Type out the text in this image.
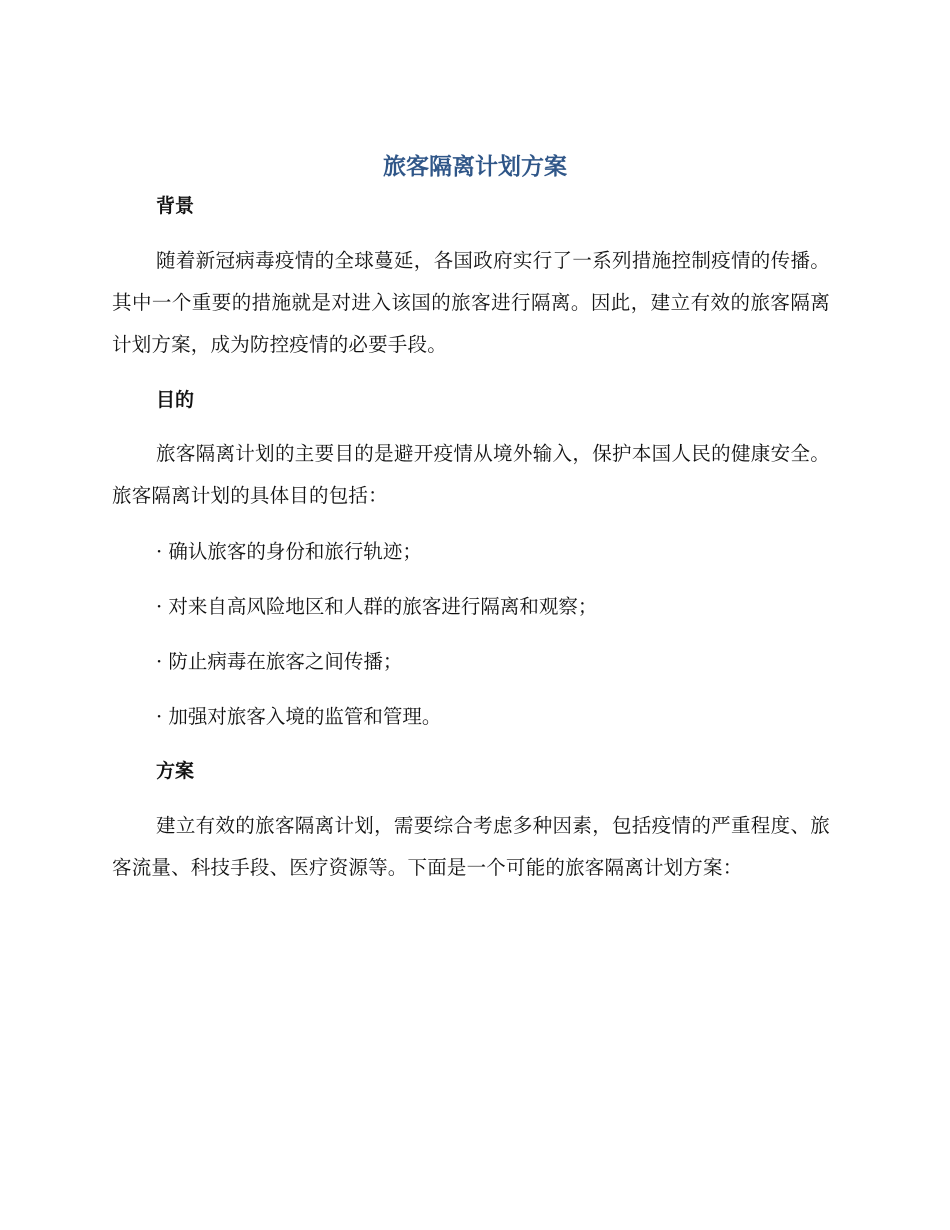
旅客隔离计划方案
背景

随着新冠病毒疫情的全球蔓延，各国政府实行了一系列措施控制疫情的传播。其中一个重要的措施就是对进入该国的旅客进行隔离。因此，建立有效的旅客隔离计划方案，成为防控疫情的必要手段。

目的

旅客隔离计划的主要目的是避开疫情从境外输入，保护本国人民的健康安全。旅客隔离计划的具体目的包括：

· 确认旅客的身份和旅行轨迹；

· 对来自高风险地区和人群的旅客进行隔离和观察；

· 防止病毒在旅客之间传播；

· 加强对旅客入境的监管和管理。

方案

建立有效的旅客隔离计划，需要综合考虑多种因素，包括疫情的严重程度、旅客流量、科技手段、医疗资源等。下面是一个可能的旅客隔离计划方案：
